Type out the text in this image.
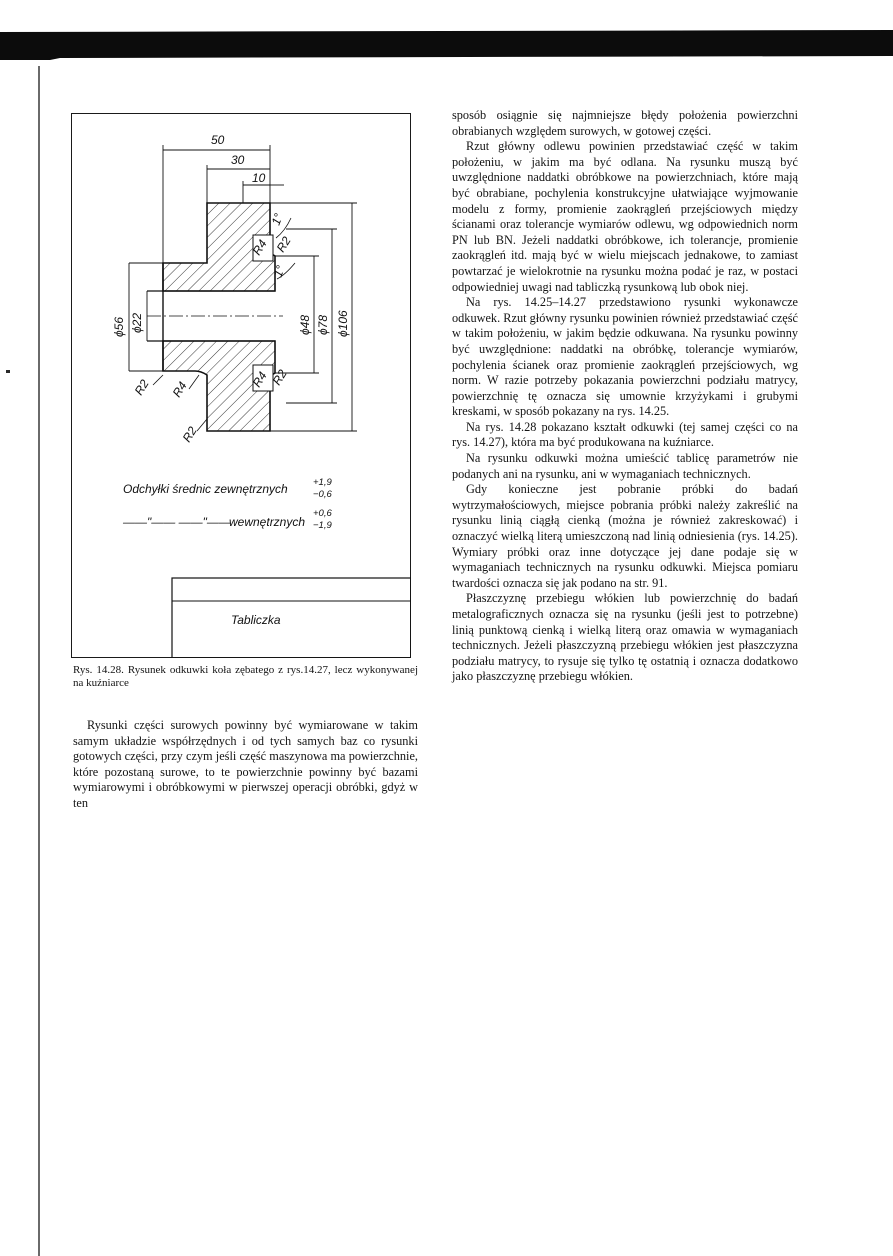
50
30
10
ϕ56 ϕ22	ϕ48 ϕ78 ϕ106
R4 R2
1°
1°
R2 R4	R4 R2
R2
Odchyłki średnic zewnętrznych	+1,9
−0,6
——"—— ——"——
wewnętrznych
+0,6
−1,9
Tabliczka
Rys. 14.28. Rysunek odkuwki koła zębatego z rys.14.27, lecz wykonywanej na kuźniarce

Rysunki części surowych powinny być wymiarowane w takim samym układzie współrzędnych i od tych samych baz co rysunki gotowych części, przy czym jeśli część maszynowa ma powierzchnie, które pozostaną surowe, to te powierzchnie powinny być bazami wymiarowymi i obróbkowymi w pierwszej operacji obróbki, gdyż w ten

sposób osiągnie się najmniejsze błędy położenia powierzchni obrabianych względem surowych, w gotowej części.

Rzut główny odlewu powinien przedstawiać część w takim położeniu, w jakim ma być odlana. Na rysunku muszą być uwzględnione naddatki obróbkowe na powierzchniach, które mają być obrabiane, pochylenia konstrukcyjne ułatwiające wyjmowanie modelu z formy, promienie zaokrągleń przejściowych między ścianami oraz tolerancje wymiarów odlewu, wg odpowiednich norm PN lub BN. Jeżeli naddatki obróbkowe, ich tolerancje, promienie zaokrągleń itd. mają być w wielu miejscach jednakowe, to zamiast powtarzać je wielokrotnie na rysunku można podać je raz, w postaci odpowiedniej uwagi nad tabliczką rysunkową lub obok niej.

Na rys. 14.25–14.27 przedstawiono rysunki wykonawcze odkuwek. Rzut główny rysunku powinien również przedstawiać część w takim położeniu, w jakim będzie odkuwana. Na rysunku powinny być uwzględnione: naddatki na obróbkę, tolerancje wymiarów, pochylenia ścianek oraz promienie zaokrągleń przejściowych, wg norm. W razie potrzeby pokazania powierzchni podziału matrycy, powierzchnię tę oznacza się umownie krzyżykami i grubymi kreskami, w sposób pokazany na rys. 14.25.

Na rys. 14.28 pokazano kształt odkuwki (tej samej części co na rys. 14.27), która ma być produkowana na kuźniarce.

Na rysunku odkuwki można umieścić tablicę parametrów nie podanych ani na rysunku, ani w wymaganiach technicznych.

Gdy konieczne jest pobranie próbki do badań wytrzymałościowych, miejsce pobrania próbki należy zakreślić na rysunku linią ciągłą cienką (można je również zakreskować) i oznaczyć wielką literą umieszczoną nad linią odniesienia (rys. 14.25). Wymiary próbki oraz inne dotyczące jej dane podaje się w wymaganiach technicznych na rysunku odkuwki. Miejsca pomiaru twardości oznacza się jak podano na str. 91.

Płaszczyznę przebiegu włókien lub powierzchnię do badań metalograficznych oznacza się na rysunku (jeśli jest to potrzebne) linią punktową cienką i wielką literą oraz omawia w wymaganiach technicznych. Jeżeli płaszczyzną przebiegu włókien jest płaszczyzna podziału matrycy, to rysuje się tylko tę ostatnią i oznacza dodatkowo jako płaszczyznę przebiegu włókien.
